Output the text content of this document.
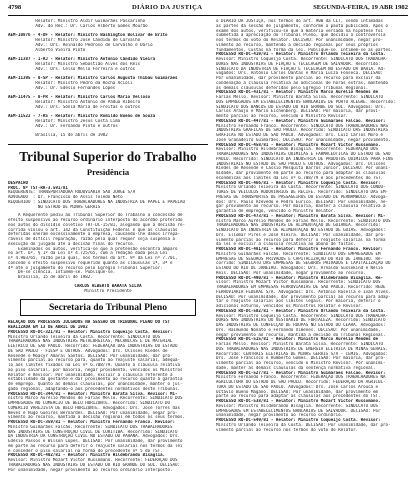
4798	DIÁRIO DA JUSTIÇA	SEGUNDA-FEIRA, 19 ABR 1982
Relator: Ministro Aldir Guimarães Passarinho
Adv. do Rec.: Dr. Carlos Alberto Gomes Mourão

AEM-10876 - 4-DF - Relator: Ministro Washington Bolívar de Brito
Relator: Ministro José Cândido de Carvalho
Adv.: Drs. Reinaldo Pedroso de Carvalho e Dário
Alberto Vieira Pinto

AEM-11387 - 1-RJ - Relator: Ministro Antônio Cândido Vieira
Relator: Ministro Sebastião Alves dos Reis
Adv.: Drs. Celso Mello Ferreira e outros

AEM-11395 - 0-SP - Relator: Ministro Carlos Augusto Thibau Guimarães
Relator: Ministro Pedro da Rocha Acioli
Adv.: Dr. Edésio Fernandes Lopes

AEM-11475 - 0-PR - Relator: Ministro Carlos Mário Velloso
Relator: Ministro Antônio de Pádua Ribeiro
Adv.: Drs. Sônia Maria de Freitas e outros

AEM-11522 - 7-RS - Relator: Ministro Romildo Bueno de Souza
Relator: Ministro Jesus Costa Lima
Adv.: Dr. Fernando Pinto e outros

Brasília, 15 de abril de 1982
Tribunal Superior do Trabalho
Presidência
DESPACHO
PROC. Nº TST-RR-3.591/81
REQUERENTE: TRANSPORTADORA RODOVIÁRIA SÃO JORGE S/A
ADVOGADO  : Dr. Francisco de Assis Toledo Neto
REQUERIDO : SINDICATO DOS TRABALHADORES NA INDÚSTRIA DE PAPEL E PAPELÃO
NO ESTADO DE MINAS GERAIS
A Requerente pediu ao Tribunal Superior do Trabalho a concessão de
efeito suspensivo ao recurso ordinário interposto do acórdão proferido
nos autos do dissídio coletivo TRT-DC-15/81, alegando que a decisão re-
corrida violou o art. 142 da Constituição Federal e que as cláusulas
deferidas oneram excessivamente a empresa, causando-lhe danos irrepa-
ráveis de difícil reparação, razão pela qual requer seja suspensa a
execução do julgado até a decisão final do recurso.
Examinados os autos, verifica-se que a pretensão encontra amparo
no art. 6º, § 1º da Lei nº 4.725/65, com a redação dada pela Lei
nº 4.903/65, razão pela qual, nos termos do art. 9º da Lei nº 7.701,
concedo o efeito suspensivo requerido quanto às cláusulas 1ª, 3ª e
4ª até o julgamento do recurso pelo Egrégio Tribunal Superior.
Dê-se ciência. Intimem-se. Publique-se.
Brasília, 15 de abril de 1982.
CARLOS ALBERTO BARATA SILVA
Ministro Presidente
Secretaria do Tribunal Pleno
RELAÇÃO DOS PROCESSOS JULGADOS NA SESSÃO DO TRIBUNAL PLENO DO TST
REALIZADA EM 13 DE ABRIL DE 1982
PROCESSO RO-DC-321/81 - Relator: Ministro Coqueijo Costa. Revisor:
Ministro Orlando Teixeira da Costa. Recorrente: SINDICATO DOS
TRABALHADORES NAS INDÚSTRIAS METALÚRGICAS, MECÂNICAS E DE MATERIAL
ELÉTRICO DE SÃO PAULO. Recorrido: FEDERAÇÃO DAS INDÚSTRIAS DO ESTADO
DE SÃO PAULO - FIESP E OUTROS. Advogados: Drs. Ulisses Riedel de
Resende e Moacyr Amaral Santos. DECISÃO: Por unanimidade, dar pro-
vimento parcial ao recurso para, quanto ao reajuste salarial, adequá-
lo aos limites fixados na Lei nº 6.708/79. Quanto à cláusula relativa
ao piso salarial, por maioria, negar provimento, vencidos os Ministros
Relator e Revisor. Por unanimidade, excluir a cláusula referente à
estabilidade da gestante e dar provimento ao recurso quanto à garantia
de emprego. Quanto às demais cláusulas, por unanimidade, manter o jul-
gado regional, adaptando-o aos precedentes normativos deste Tribunal.
PROCESSO RO-DC-344/81 - Relator: Ministro Barata Silva. Revisor: Mi-
nistro Marco Aurélio Mendes de Farias Mello. Recorrente: SINDICATO DOS
EMPREGADOS NO COMÉRCIO DE BELO HORIZONTE. Recorrido: SINDICATO DO
COMÉRCIO VAREJISTA DE BELO HORIZONTE. Advogados: Drs. José Torres das
Neves e Hugo Gueiros Bernardes. DECISÃO: Por unanimidade, negar pro-
vimento ao recurso, mantida a decisão regional em todos os seus termos.
PROCESSO RO-DC-359/81 - Relator: Ministro Fernando Franco. Revisor:
Ministro Guimarães Falcão. Recorrente: SINDICATO DOS TRABALHADORES
NAS INDÚSTRIAS DE CONSTRUÇÃO CIVIL DE CURITIBA. Recorrido: SINDICATO
DA INDÚSTRIA DA CONSTRUÇÃO CIVIL NO ESTADO DO PARANÁ. Advogados: Drs.
Edésio Passos e Wilson Lopes. DECISÃO: Por unanimidade, dar provimento
em parte ao recurso para deferir o reajuste salarial nos termos da lei
e conceder o piso salarial na forma do precedente nº 5 do TST.
PROCESSO RO-DC-402/81 - Relator: Ministro Hildebrando Bisaglia.
Revisor: Ministro Mozart Victor Russomano. Recorrente: FEDERAÇÃO DOS
TRABALHADORES NAS INDÚSTRIAS DO ESTADO DO RIO GRANDE DO SUL. DECISÃO:
Por unanimidade, negar provimento ao recurso ordinário interposto.
o DIÁRIO DA JUSTIÇA, nos termos do art. 900 da CLT, sendo intimadas
as partes da sessão de julgamento, conforme a pauta publicada. Após o
exame dos autos, verificou-se que a matéria versada na hipótese foi
submetida à apreciação do Tribunal Pleno, que decidiu a controvérsia
nos termos do voto do Relator. DECISÃO: Por unanimidade, negar pro-
vimento ao recurso, mantendo a decisão regional por seus próprios
fundamentos. Custas na forma da lei. Publique-se. Intimem-se as partes.
PROCESSO RO-DC-419/81 - Relator: Ministro Orlando Teixeira da Costa.
Revisor: Ministro Coqueijo Costa. Recorrente: SINDICATO DOS TRABALHA-
DORES NAS INDÚSTRIAS DE FIAÇÃO E TECELAGEM DE SALVADOR. Recorrido:
SINDICATO DA INDÚSTRIA DE FIAÇÃO E TECELAGEM NO ESTADO DA BAHIA. Ad-
vogados: Drs. Antônio Carlos Dantas e Maria Luiza Fonseca. DECISÃO:
Por unanimidade, dar provimento parcial ao recurso para excluir da
condenação a cláusula relativa ao adicional de horas extras, mantendo
as demais cláusulas deferidas pelo Egrégio Tribunal Regional.
PROCESSO RO-DC-431/81 - Relator: Ministro Marco Aurélio Mendes de
Farias Mello. Revisor: Ministro Barata Silva. Recorrente: SINDICATO
DOS EMPREGADOS EM ESTABELECIMENTOS BANCÁRIOS DE PORTO ALEGRE. Recorrido:
SINDICATO DOS BANCOS DO ESTADO DO RIO GRANDE DO SUL. Advogados: Drs.
Carlos Araújo e Mário Eichenberg. DECISÃO: Por maioria, dar provi-
mento parcial ao recurso, vencido o Ministro Revisor.
PROCESSO RO-DC-447/81 - Relator: Ministro Guimarães Falcão. Revisor:
Ministro Fernando Franco. Recorrente: SINDICATO DOS TRABALHADORES NAS
INDÚSTRIAS GRÁFICAS DE SÃO PAULO. Recorrido: SINDICATO DAS INDÚSTRIAS
GRÁFICAS NO ESTADO DE SÃO PAULO. Advogados: Drs. Luiz Carlos Moro e
José Granadeiro Guimarães. DECISÃO: Por unanimidade, negar provimento.
PROCESSO RO-DC-458/81 - Relator: Ministro Mozart Victor Russomano.
Revisor: Ministro Hildebrando Bisaglia. Recorrente: FEDERAÇÃO DOS
TRABALHADORES NAS INDÚSTRIAS QUÍMICAS E FARMACÊUTICAS DO ESTADO DE SÃO
PAULO. Recorrido: SINDICATO DA INDÚSTRIA DE PRODUTOS QUÍMICOS PARA FINS
INDUSTRIAIS NO ESTADO DE SÃO PAULO E OUTROS. Advogados: Drs. Ulisses
Riedel de Resende e Cássio Mesquita Barros Júnior. DECISÃO: Por unani-
midade, dar provimento em parte ao recurso para adaptar as cláusulas
econômicas aos limites da Lei nº 6.708/79 e aos precedentes do TST.
PROCESSO RO-DC-466/81 - Relator: Ministro Coqueijo Costa. Revisor:
Ministro Orlando Teixeira da Costa. Recorrente: SINDICATO DOS CONDU-
TORES DE VEÍCULOS RODOVIÁRIOS DE RECIFE. Recorrido: SINDICATO DAS EM-
PRESAS DE TRANSPORTES DE PASSAGEIROS DO ESTADO DE PERNAMBUCO. Advoga-
dos: Drs. Paulo Azevedo e Pedro Eurico. DECISÃO: Por unanimidade, ne-
gar provimento ao recurso. Por maioria, manter a cláusula relativa à
garantia de emprego, vencido o Ministro Relator.
PROCESSO RO-DC-473/81 - Relator: Ministro Barata Silva. Revisor: Mi-
nistro Marco Aurélio Mendes de Farias Mello. Recorrente: SINDICATO DOS
TRABALHADORES NAS INDÚSTRIAS DE ALIMENTAÇÃO DE GOIÂNIA. Recorrido:
SINDICATO DA INDÚSTRIA DE ALIMENTAÇÃO NO ESTADO DE GOIÁS. Advogados:
Drs. Eliomar Pires e José Vieira. DECISÃO: Por unanimidade, dar pro-
vimento parcial ao recurso para deferir o reajuste salarial na forma
da lei e excluir a cláusula relativa ao abono de faltas.
PROCESSO RO-DC-481/81 - Relator: Ministro Fernando Franco. Revisor:
Ministro Guimarães Falcão. Recorrente: SINDICATO DOS EMPREGADOS EM
EMPRESAS DE SEGUROS PRIVADOS E CAPITALIZAÇÃO DO RIO DE JANEIRO. Re-
corrido: SINDICATO DAS EMPRESAS DE SEGUROS PRIVADOS E CAPITALIZAÇÃO DO
ESTADO DO RIO DE JANEIRO. Advogados: Drs. Arnaldo Süssekind e Nélio
Reis. DECISÃO: Por unanimidade, negar provimento ao recurso.
PROCESSO RO-DC-490/81 - Relator: Ministro Hildebrando Bisaglia. Re-
visor: Ministro Mozart Victor Russomano. Recorrente: SINDICATO DOS
TRABALHADORES EM EMPRESAS FERROVIÁRIAS DE SÃO PAULO. Recorrido: REDE
FERROVIÁRIA FEDERAL S/A. Advogados: Drs. Antônio Rosella e Ivan Alves.
DECISÃO: Por unanimidade, dar provimento parcial ao recurso para adap-
tar o reajuste salarial aos limites legais. Por maioria, deferir o
adicional noturno, vencidos os Ministros Relator e Revisor.
PROCESSO RO-DC-502/81 - Relator: Ministro Orlando Teixeira da Costa.
Revisor: Ministro Coqueijo Costa. Recorrente: SINDICATO DOS TRABALHA-
DORES NAS INDÚSTRIAS DO VESTUÁRIO DE FORTALEZA. Recorrido: SINDICATO
DAS INDÚSTRIAS DE CONFECÇÃO DE ROUPAS NO ESTADO DO CEARÁ. Advogados:
Drs. Raimundo Nonato e Fernando Ximenes. DECISÃO: Por unanimidade,
negar provimento ao recurso, mantida a decisão do Tribunal Regional.
PROCESSO RO-DC-515/81 - Relator: Ministro Marco Aurélio Mendes de
Farias Mello. Revisor: Ministro Barata Silva. Recorrente: SINDICATO
DOS TRABALHADORES NAS INDÚSTRIAS DE ENERGIA ELÉTRICA DE MINAS GERAIS.
Recorrido: CENTRAIS ELÉTRICAS DE MINAS GERAIS S/A - CEMIG. Advogados:
Drs. José Francisco e Humberto Gomes. DECISÃO: Por maioria, dar pro-
vimento parcial ao recurso, vencido o Ministro Revisor. Por unanimi-
dade, manter as demais cláusulas da sentença normativa regional.
PROCESSO RO-DC-527/81 - Relator: Ministro Guimarães Falcão. Revisor:
Ministro Fernando Franco. Recorrente: FEDERAÇÃO DOS TRABALHADORES NA
AGRICULTURA DO ESTADO DE SÃO PAULO. Recorrido: FEDERAÇÃO DA AGRICUL-
TURA DO ESTADO DE SÃO PAULO. Advogados: Drs. José Carlos Arouca e
Octávio Bueno Magano. DECISÃO: Por unanimidade, dar provimento em
parte ao recurso para adaptar as cláusulas aos precedentes do TST.
PROCESSO RO-DC-538/81 - Relator: Ministro Mozart Victor Russomano.
Revisor: Ministro Hildebrando Bisaglia. Recorrente: SINDICATO DOS
EMPREGADOS EM ESTABELECIMENTOS BANCÁRIOS DE SALVADOR. DECISÃO: Por
unanimidade, negar provimento ao recurso ordinário.
PROCESSO RO-DC-549/81 - Relator: Ministro Coqueijo Costa. Revisor:
Ministro Orlando Teixeira da Costa. DECISÃO: Por unanimidade, dar pro-
vimento parcial ao recurso nos termos do voto do Relator.
